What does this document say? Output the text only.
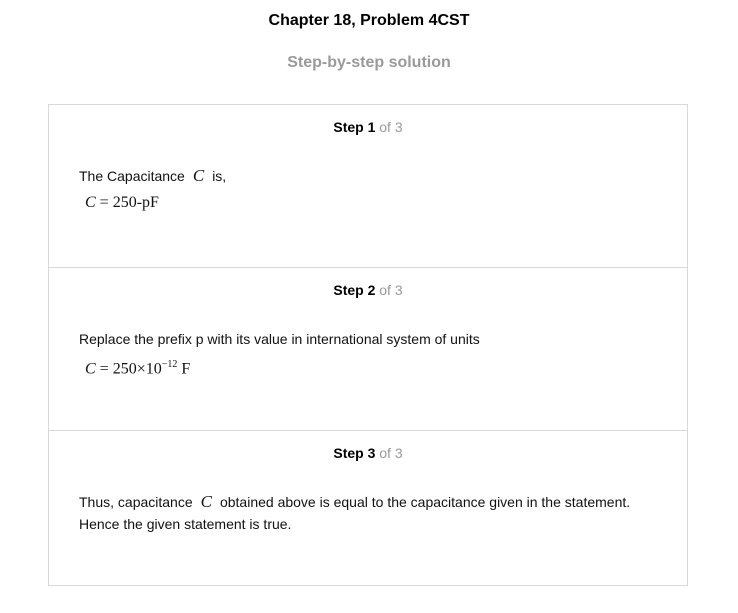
Chapter 18, Problem 4CST
Step-by-step solution
Step 1 of 3
The Capacitance C is,
C = 250-pF
Step 2 of 3
Replace the prefix p with its value in international system of units
$C = 250\times 10^{-12}$ F
Step 3 of 3
Thus, capacitance C obtained above is equal to the capacitance given in the statement.
Hence the given statement is true.
